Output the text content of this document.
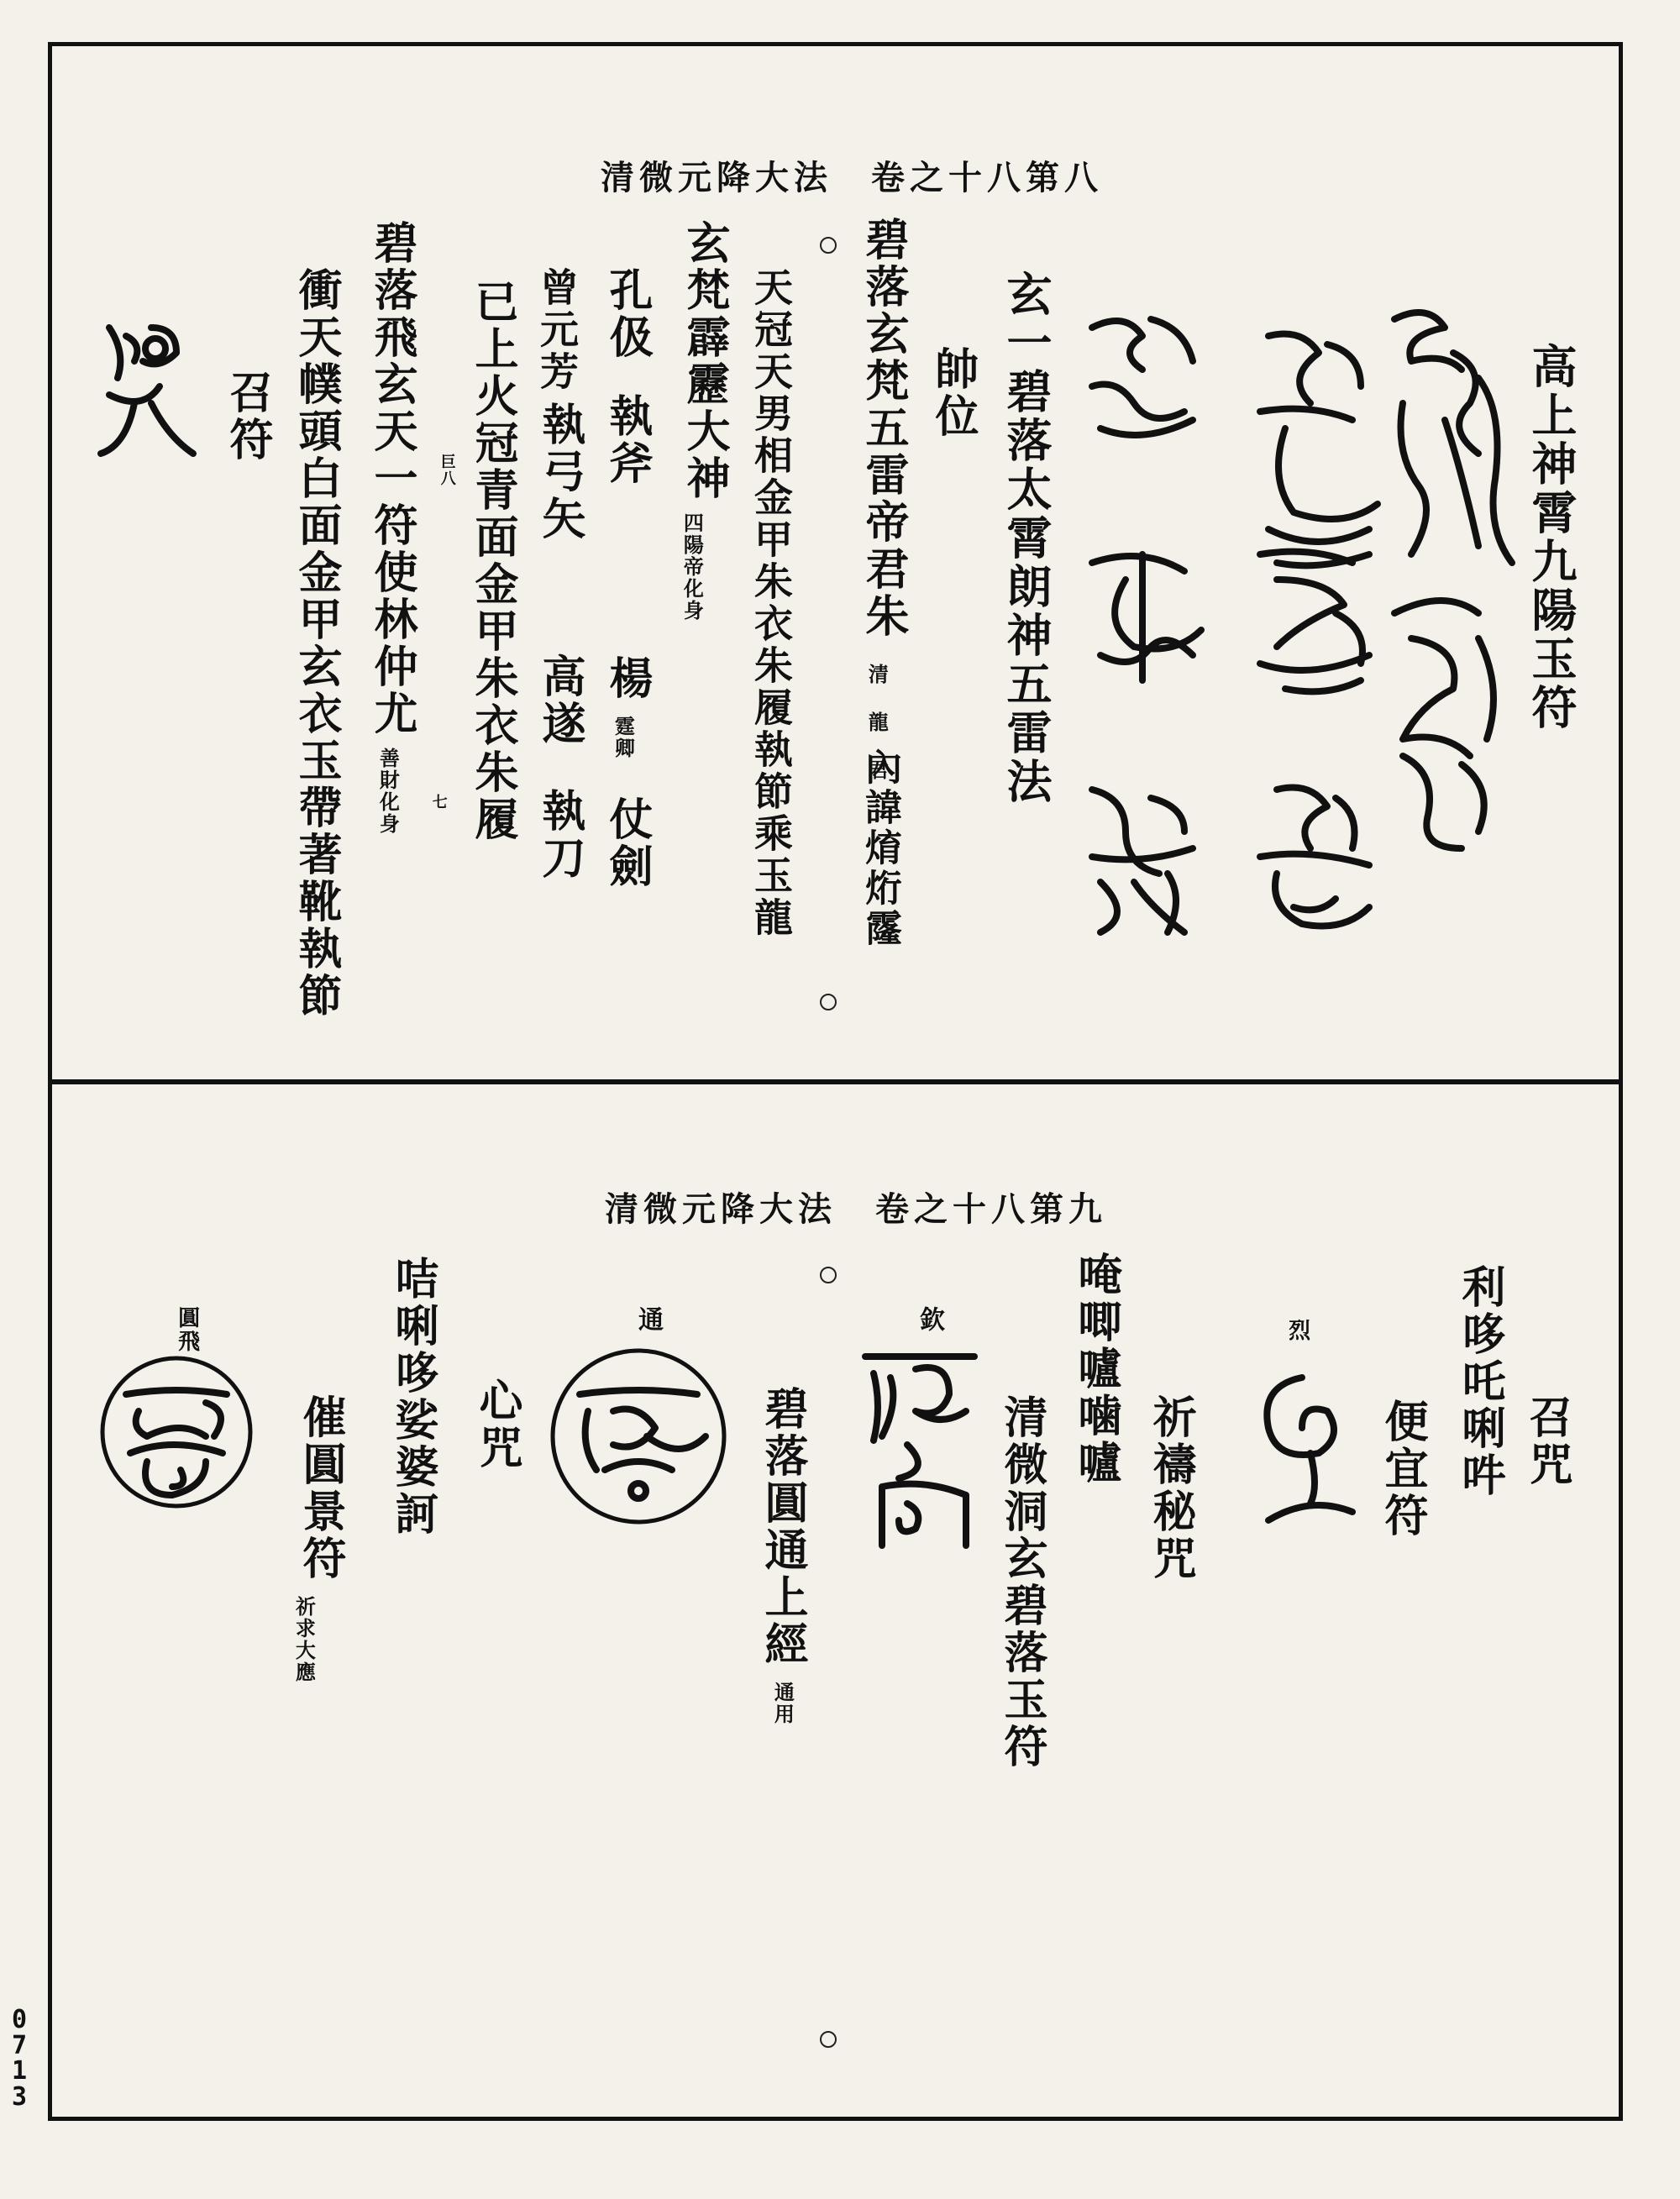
清微元降大法　卷之十八第八
高上神霄九陽玉符
玄一碧落太霄朗神五雷法
帥位
碧落玄梵五雷帝君朱
清 龍 君
內諱焴烆霳
天冠天男相金甲朱衣朱履執節乘玉龍
玄梵霹靂大神
四陽帝化身
孔伋
執斧
楊
霆卿
仗劍
曾元芳
執弓矢
高遂
執刀
已上火冠青面金甲朱衣朱履
巨八
七
碧落飛玄天一符使林仲尤
善財化身
衝天幞頭白面金甲玄衣玉帶著靴執節
召符
清微元降大法　卷之十八第九
召咒
利哆吒唎吽
便宜符
烈
祈禱秘咒
唵唧嚧噛嚧
清微洞玄碧落玉符
欽
碧落圓通上經
通用
通
心咒
咭唎哆娑婆訶
催圓景符
祈求大應
圓飛
0
7
1
3
